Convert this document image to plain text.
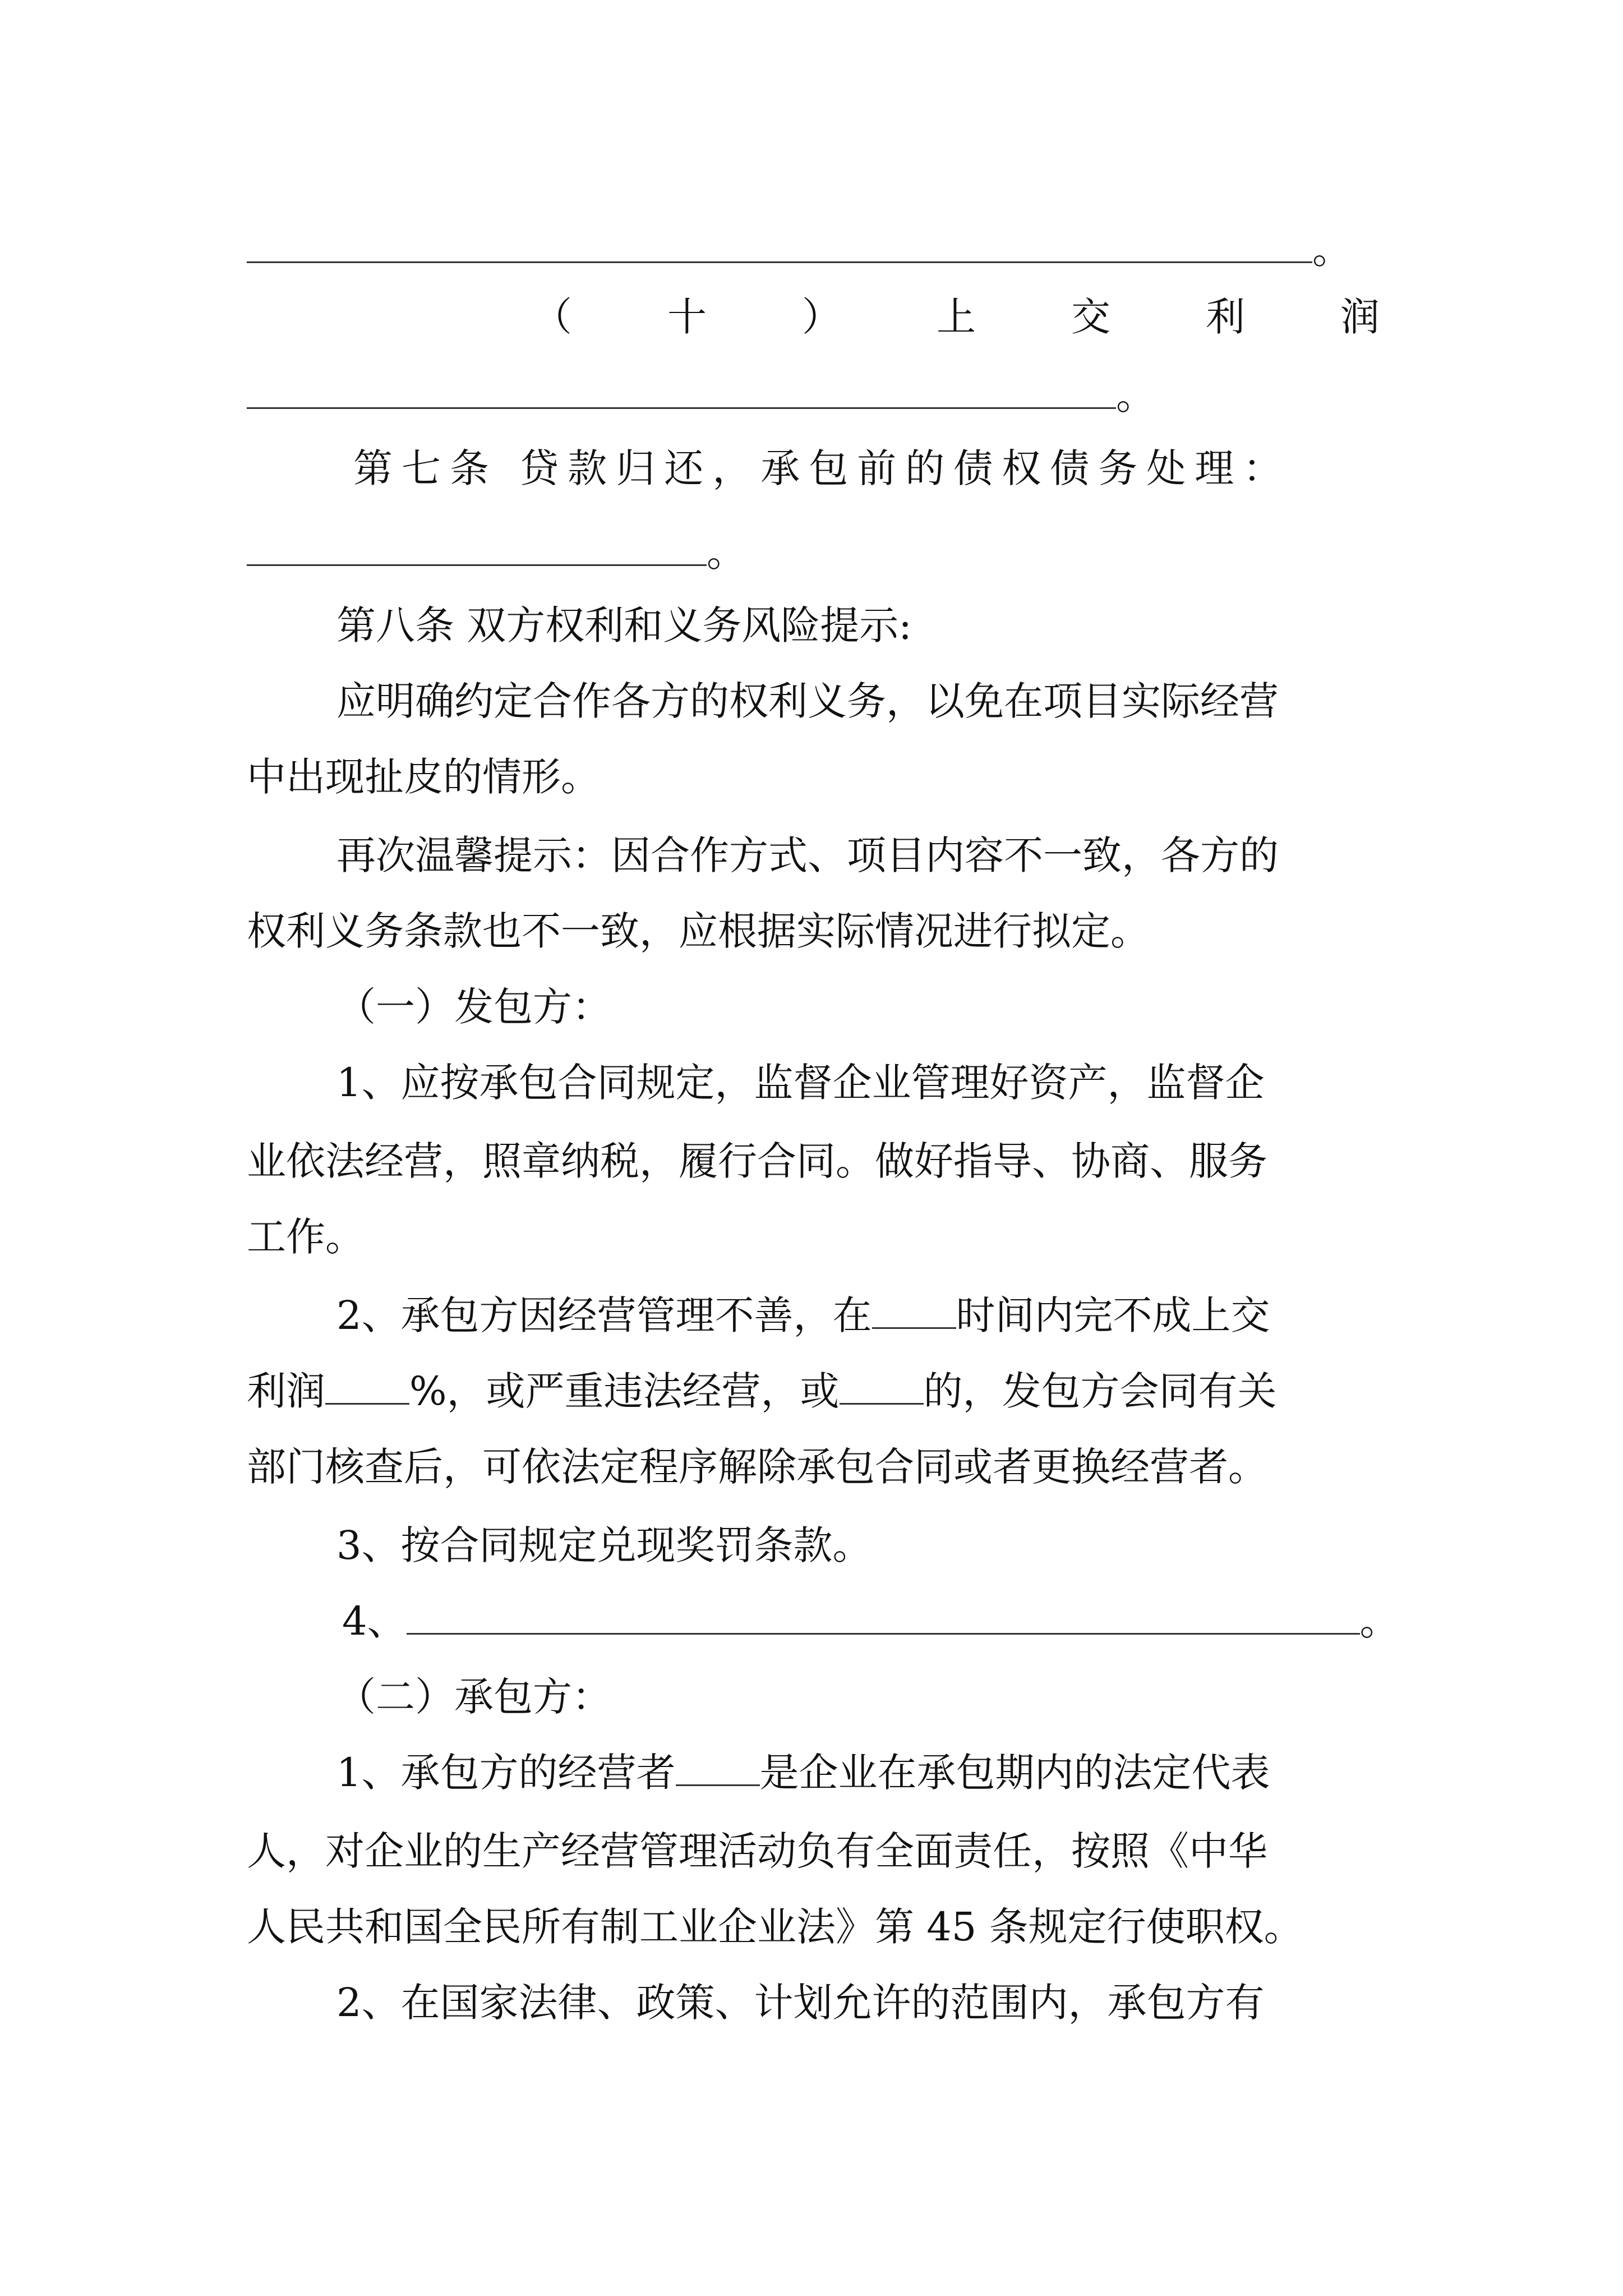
。
（ 十 ） 上 交 利 润
。
第七条 贷款归还，承包前的债权债务处理：
。
第八条 双方权利和义务风险提示:
应明确约定合作各方的权利义务，以免在项目实际经营
中出现扯皮的情形。
再次温馨提示：因合作方式、项目内容不一致，各方的
权利义务条款也不一致，应根据实际情况进行拟定。
（一）发包方：
1、应按承包合同规定，监督企业管理好资产，监督企
业依法经营，照章纳税，履行合同。做好指导、协商、服务
工作。
2、承包方因经营管理不善，在 时间内完不成上交
利润 %，或严重违法经营，或 的，发包方会同有关
部门核查后，可依法定程序解除承包合同或者更换经营者。
3、按合同规定兑现奖罚条款。
4、	。
（二）承包方：
1、承包方的经营者 是企业在承包期内的法定代表
人，对企业的生产经营管理活动负有全面责任，按照《中华
人民共和国全民所有制工业企业法》第 45 条规定行使职权。
2、在国家法律、政策、计划允许的范围内，承包方有
